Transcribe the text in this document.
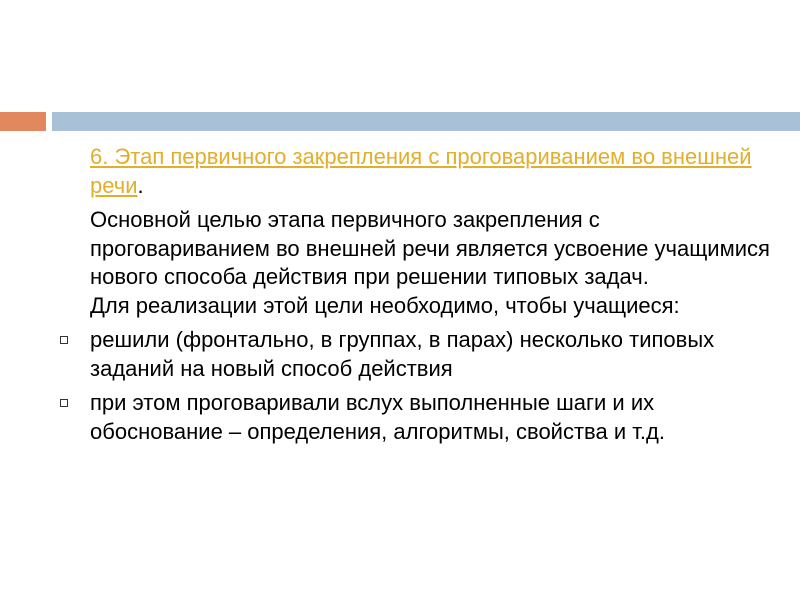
6. Этап первичного закрепления с проговариванием во внешней речи.

Основной целью этапа первичного закрепления с проговариванием во внешней речи является усвоение учащимися нового способа действия при решении типовых задач.
Для реализации этой цели необходимо, чтобы учащиеся:

решили (фронтально, в группах, в парах) несколько типовых заданий на новый способ действия
при этом проговаривали вслух выполненные шаги и их обоснование – определения, алгоритмы, свойства и т.д.
